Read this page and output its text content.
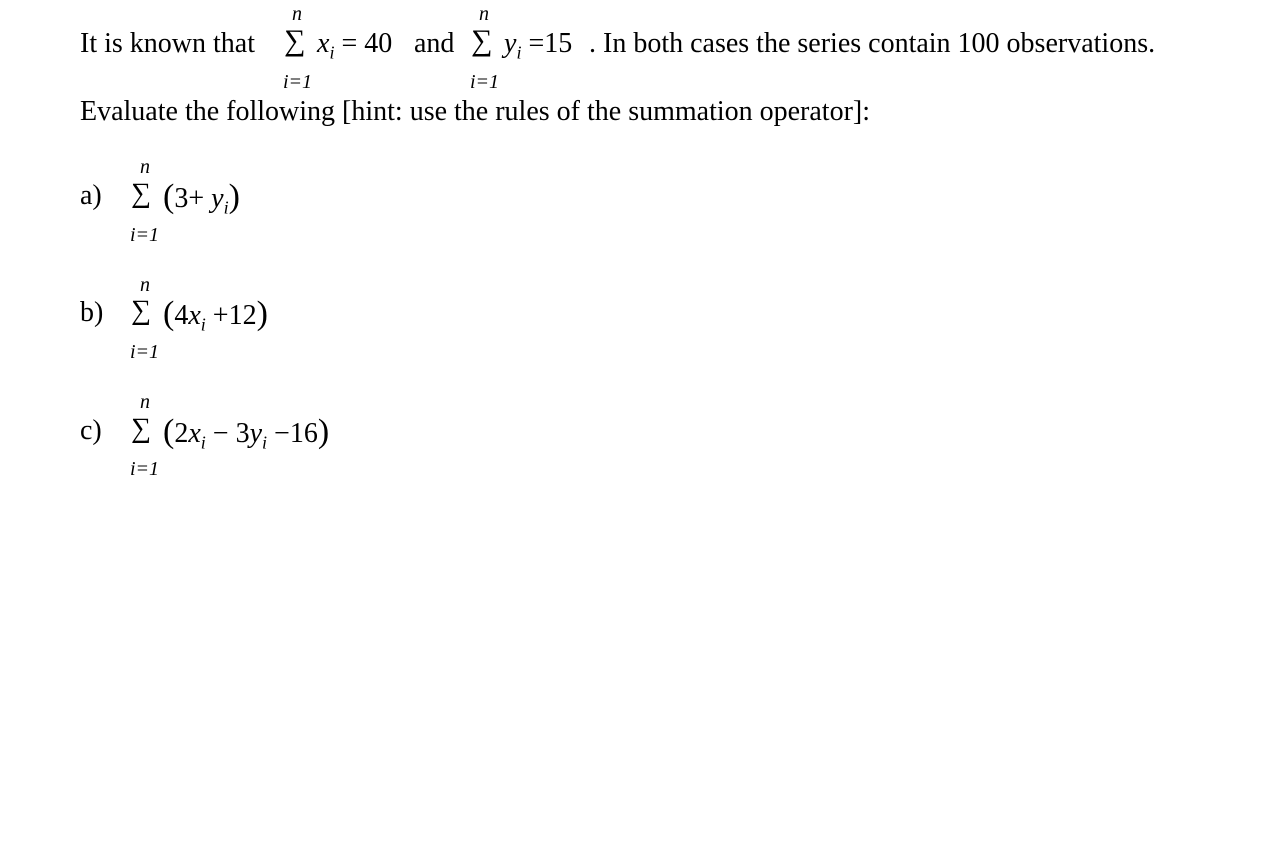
It is known that
n
∑
i=1
$x_i = 40$ and
n
∑
i=1
$y_i =15$ . In both cases the series contain 100 observations.
Evaluate the following [hint: use the rules of the summation operator]:
a)
n
∑
i=1
$(3+ y_i)$
b)
n
∑
i=1
$(4x_i +12)$
c)
n
∑
i=1
$(2x_i - 3y_i -16)$
